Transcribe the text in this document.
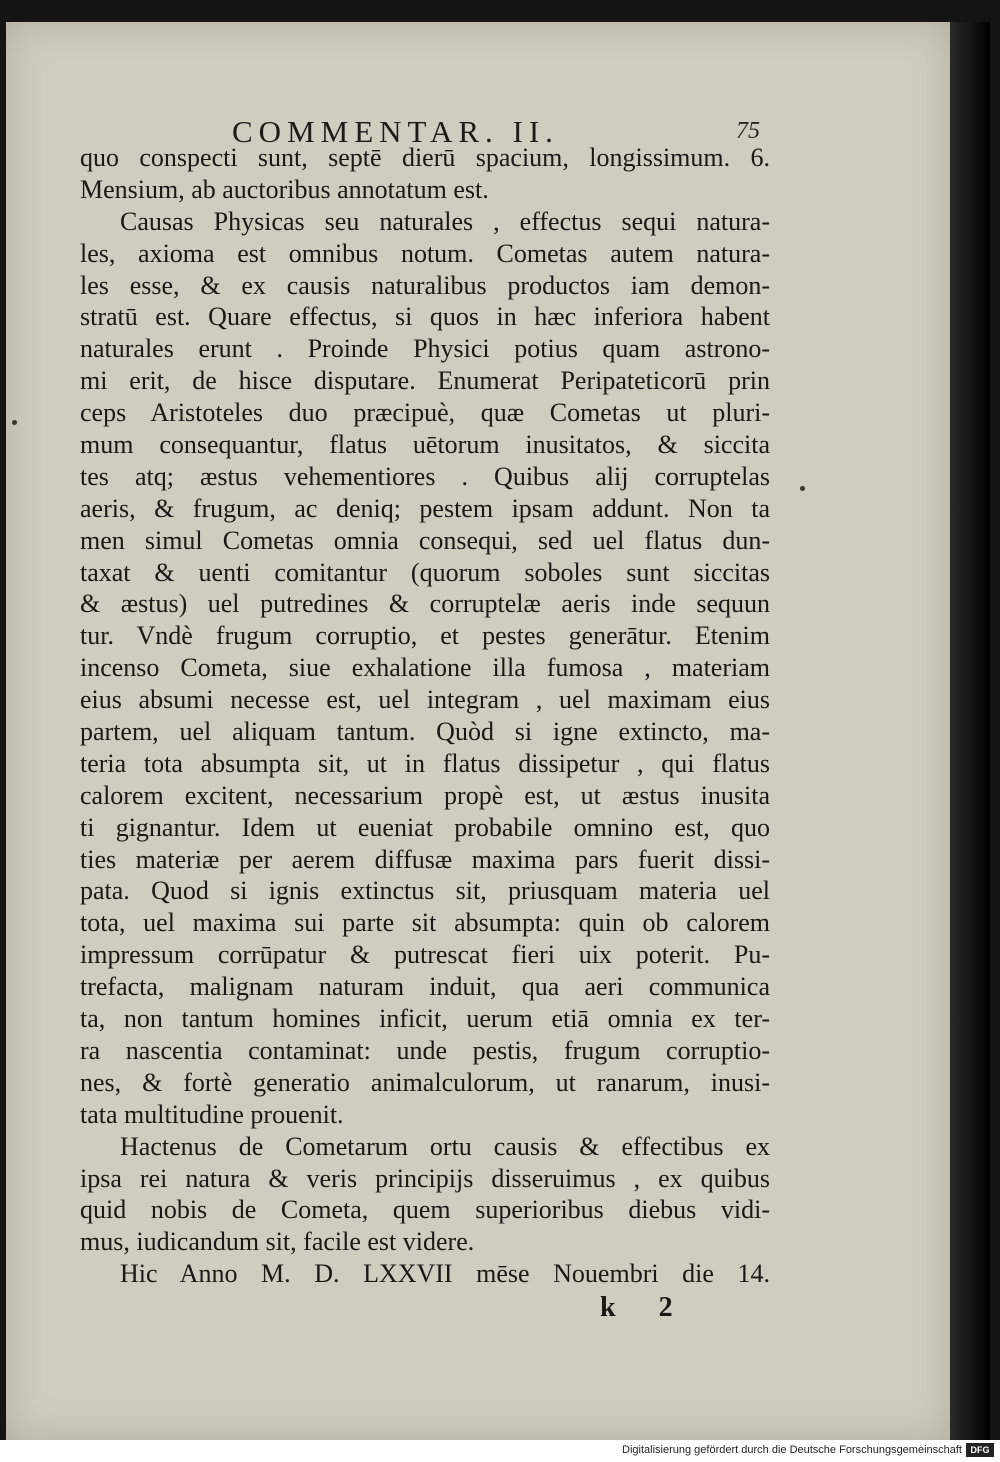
COMMENTAR. II.	75
quo conspecti sunt, septē dierū spacium, longissimum. 6.
Mensium, ab auctoribus annotatum est.
Causas Physicas seu naturales , effectus sequi natura-
les, axioma est omnibus notum. Cometas autem natura-
les esse, & ex causis naturalibus productos iam demon-
stratū est. Quare effectus, si quos in hæc inferiora habent
naturales erunt . Proinde Physici potius quam astrono-
mi erit, de hisce disputare. Enumerat Peripateticorū prin
ceps Aristoteles duo præcipuè, quæ Cometas ut pluri-
mum consequantur, flatus uētorum inusitatos, & siccita
tes atq; æstus vehementiores . Quibus alij corruptelas
aeris, & frugum, ac deniq; pestem ipsam addunt. Non ta
men simul Cometas omnia consequi, sed uel flatus dun-
taxat & uenti comitantur (quorum soboles sunt siccitas
& æstus) uel putredines & corruptelæ aeris inde sequun
tur. Vndè frugum corruptio, et pestes generātur. Etenim
incenso Cometa, siue exhalatione illa fumosa , materiam
eius absumi necesse est, uel integram , uel maximam eius
partem, uel aliquam tantum. Quòd si igne extincto, ma-
teria tota absumpta sit, ut in flatus dissipetur , qui flatus
calorem excitent, necessarium propè est, ut æstus inusita
ti gignantur. Idem ut eueniat probabile omnino est, quo
ties materiæ per aerem diffusæ maxima pars fuerit dissi-
pata. Quod si ignis extinctus sit, priusquam materia uel
tota, uel maxima sui parte sit absumpta: quin ob calorem
impressum corrūpatur & putrescat fieri uix poterit. Pu-
trefacta, malignam naturam induit, qua aeri communica
ta, non tantum homines inficit, uerum etiā omnia ex ter-
ra nascentia contaminat: unde pestis, frugum corruptio-
nes, & fortè generatio animalculorum, ut ranarum, inusi-
tata multitudine prouenit.
Hactenus de Cometarum ortu causis & effectibus ex
ipsa rei natura & veris principijs disseruimus , ex quibus
quid nobis de Cometa, quem superioribus diebus vidi-
mus, iudicandum sit, facile est videre.
Hic Anno M. D. LXXVII mēse Nouembri die 14.
k 2
Digitalisierung gefördert durch die Deutsche Forschungsgemeinschaft DFG
